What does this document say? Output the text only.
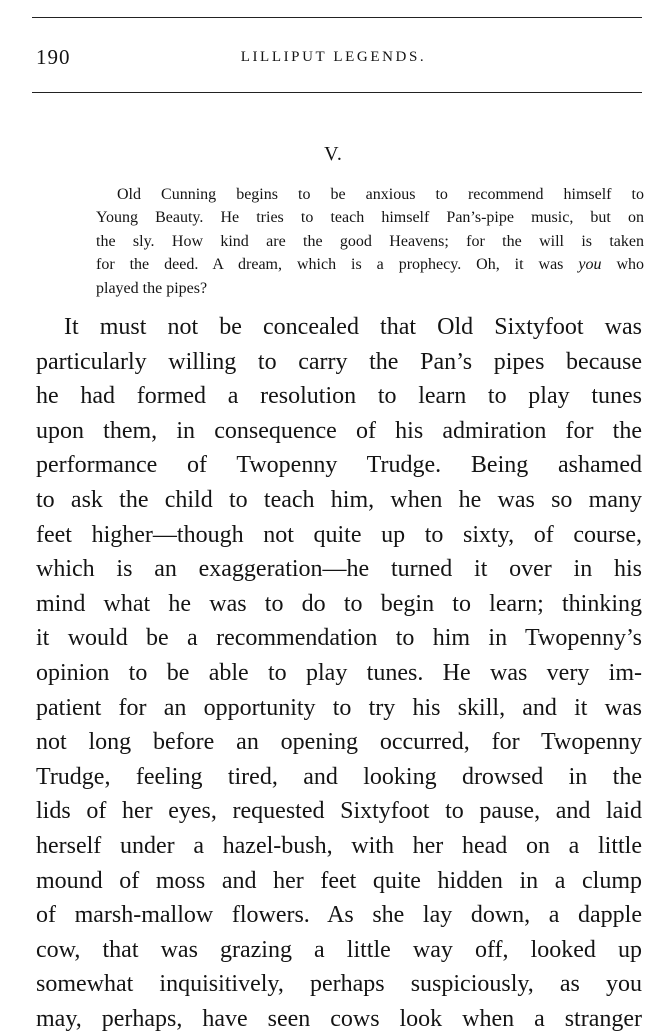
190	LILLIPUT LEGENDS.
V.
Old Cunning begins to be anxious to recommend himself to
Young Beauty. He tries to teach himself Pan’s-pipe music, but on
the sly. How kind are the good Heavens; for the will is taken
for the deed. A dream, which is a prophecy. Oh, it was you who
played the pipes?
It must not be concealed that Old Sixtyfoot was
particularly willing to carry the Pan’s pipes because
he had formed a resolution to learn to play tunes
upon them, in consequence of his admiration for the
performance of Twopenny Trudge. Being ashamed
to ask the child to teach him, when he was so many
feet higher—though not quite up to sixty, of course,
which is an exaggeration—he turned it over in his
mind what he was to do to begin to learn; thinking
it would be a recommendation to him in Twopenny’s
opinion to be able to play tunes. He was very im-
patient for an opportunity to try his skill, and it was
not long before an opening occurred, for Twopenny
Trudge, feeling tired, and looking drowsed in the
lids of her eyes, requested Sixtyfoot to pause, and laid
herself under a hazel-bush, with her head on a little
mound of moss and her feet quite hidden in a clump
of marsh-mallow flowers. As she lay down, a dapple
cow, that was grazing a little way off, looked up
somewhat inquisitively, perhaps suspiciously, as you
may, perhaps, have seen cows look when a stranger
